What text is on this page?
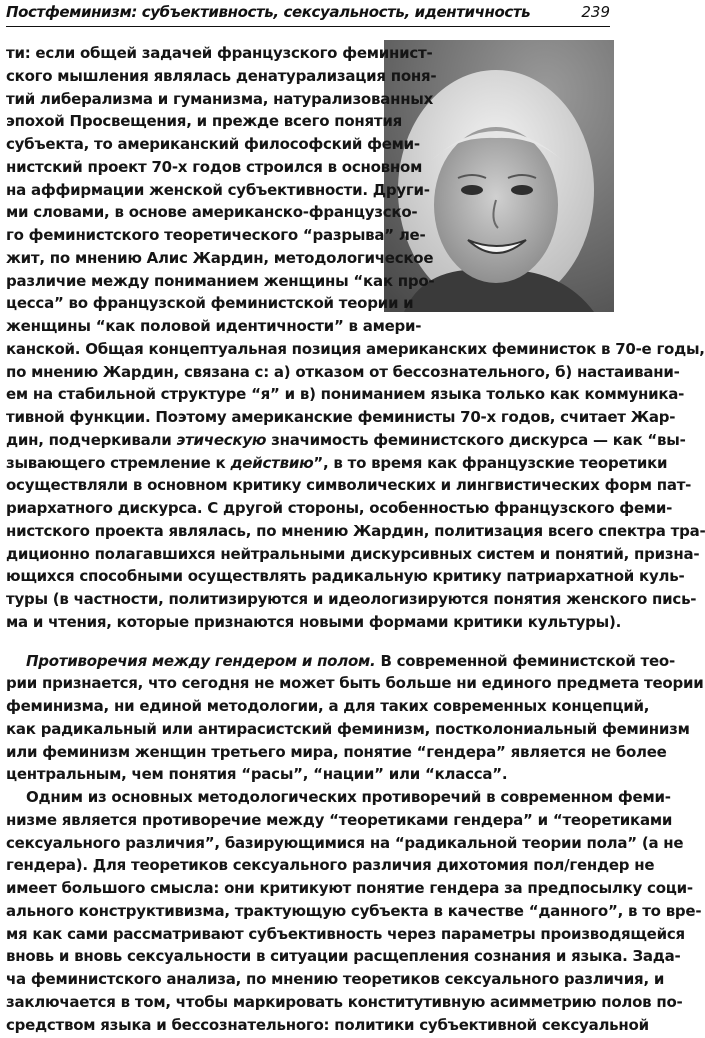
Постфеминизм: субъективность, сексуальность, идентичность	239
ти: если общей задачей французского феминист-
ского мышления являлась денатурализация поня-
тий либерализма и гуманизма, натурализованных
эпохой Просвещения, и прежде всего понятия
субъекта, то американский философский феми-
нистский проект 70-х годов строился в основном
на аффирмации женской субъективности. Други-
ми словами, в основе американско-французско-
го феминистского теоретического “разрыва” ле-
жит, по мнению Алис Жардин, методологическое
различие между пониманием женщины “как про-
цесса” во французской феминистской теории и
женщины “как половой идентичности” в амери-
канской. Общая концептуальная позиция американских феминисток в 70-е годы,
по мнению Жардин, связана с: а) отказом от бессознательного, б) настаивани-
ем на стабильной структуре “я” и в) пониманием языка только как коммуника-
тивной функции. Поэтому американские феминисты 70-х годов, считает Жар-
дин, подчеркивали этическую значимость феминистского дискурса — как “вы-
зывающего стремление к действию”, в то время как французские теоретики
осуществляли в основном критику символических и лингвистических форм пат-
риархатного дискурса. С другой стороны, особенностью французского феми-
нистского проекта являлась, по мнению Жардин, политизация всего спектра тра-
диционно полагавшихся нейтральными дискурсивных систем и понятий, призна-
ющихся способными осуществлять радикальную критику патриархатной куль-
туры (в частности, политизируются и идеологизируются понятия женского пись-
ма и чтения, которые признаются новыми формами критики культуры).
Противоречия между гендером и полом. В современной феминистской тео-
рии признается, что сегодня не может быть больше ни единого предмета теории
феминизма, ни единой методологии, а для таких современных концепций,
как радикальный или антирасистский феминизм, постколониальный феминизм
или феминизм женщин третьего мира, понятие “гендера” является не более
центральным, чем понятия “расы”, “нации” или “класса”.
Одним из основных методологических противоречий в современном феми-
низме является противоречие между “теоретиками гендера” и “теоретиками
сексуального различия”, базирующимися на “радикальной теории пола” (а не
гендера). Для теоретиков сексуального различия дихотомия пол/гендер не
имеет большого смысла: они критикуют понятие гендера за предпосылку соци-
ального конструктивизма, трактующую субъекта в качестве “данного”, в то вре-
мя как сами рассматривают субъективность через параметры производящейся
вновь и вновь сексуальности в ситуации расщепления сознания и языка. Зада-
ча феминистского анализа, по мнению теоретиков сексуального различия, и
заключается в том, чтобы маркировать конститутивную асимметрию полов по-
средством языка и бессознательного: политики субъективной сексуальной
